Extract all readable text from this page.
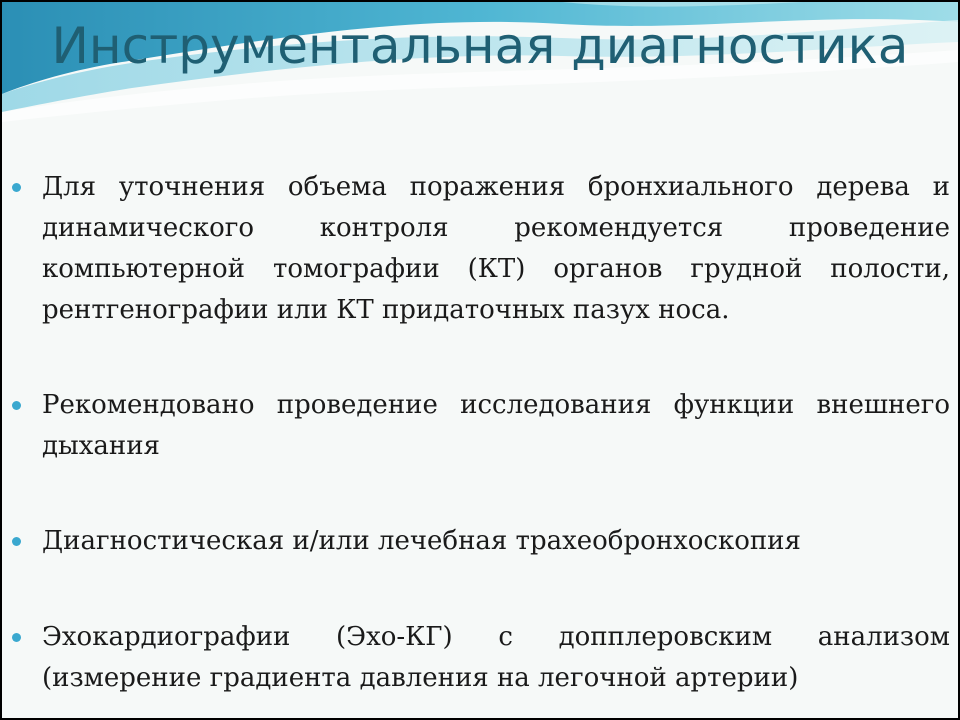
Инструментальная диагностика
Для уточнения объема поражения бронхиального дерева и динамического контроля рекомендуется проведение компьютерной томографии (КТ) органов грудной полости, рентгенографии или КТ придаточных пазух носа.
Рекомендовано проведение исследования функции внешнего дыхания
Диагностическая и/или лечебная трахеобронхоскопия
Эхокардиографии (Эхо-КГ) с допплеровским анализом (измерение градиента давления на легочной артерии)
